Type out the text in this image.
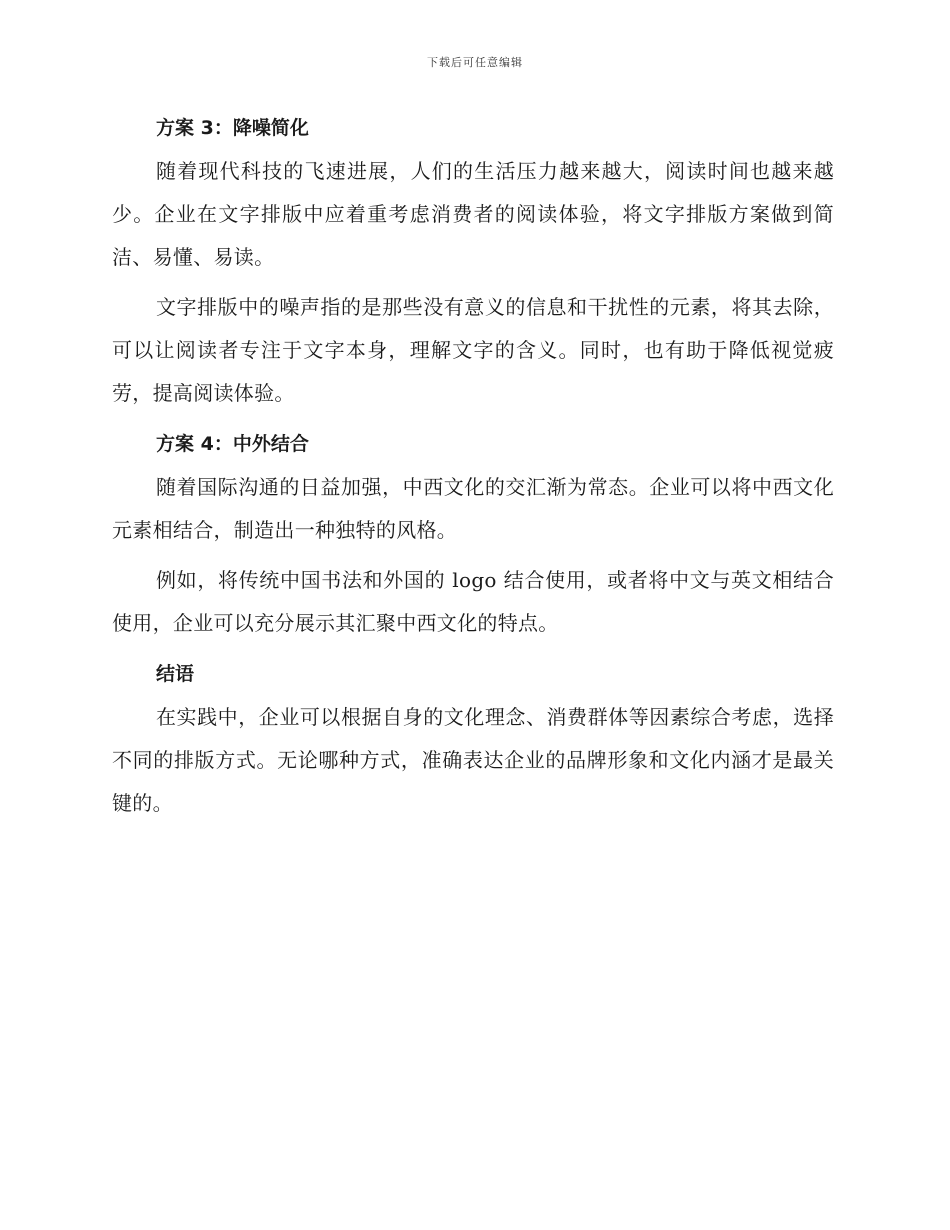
下载后可任意编辑
方案 3：降噪简化

随着现代科技的飞速进展，人们的生活压力越来越大，阅读时间也越来越少。企业在文字排版中应着重考虑消费者的阅读体验，将文字排版方案做到简洁、易懂、易读。

文字排版中的噪声指的是那些没有意义的信息和干扰性的元素，将其去除，可以让阅读者专注于文字本身，理解文字的含义。同时，也有助于降低视觉疲劳，提高阅读体验。

方案 4：中外结合

随着国际沟通的日益加强，中西文化的交汇渐为常态。企业可以将中西文化元素相结合，制造出一种独特的风格。

例如，将传统中国书法和外国的 logo 结合使用，或者将中文与英文相结合使用，企业可以充分展示其汇聚中西文化的特点。

结语

在实践中，企业可以根据自身的文化理念、消费群体等因素综合考虑，选择不同的排版方式。无论哪种方式，准确表达企业的品牌形象和文化内涵才是最关键的。
